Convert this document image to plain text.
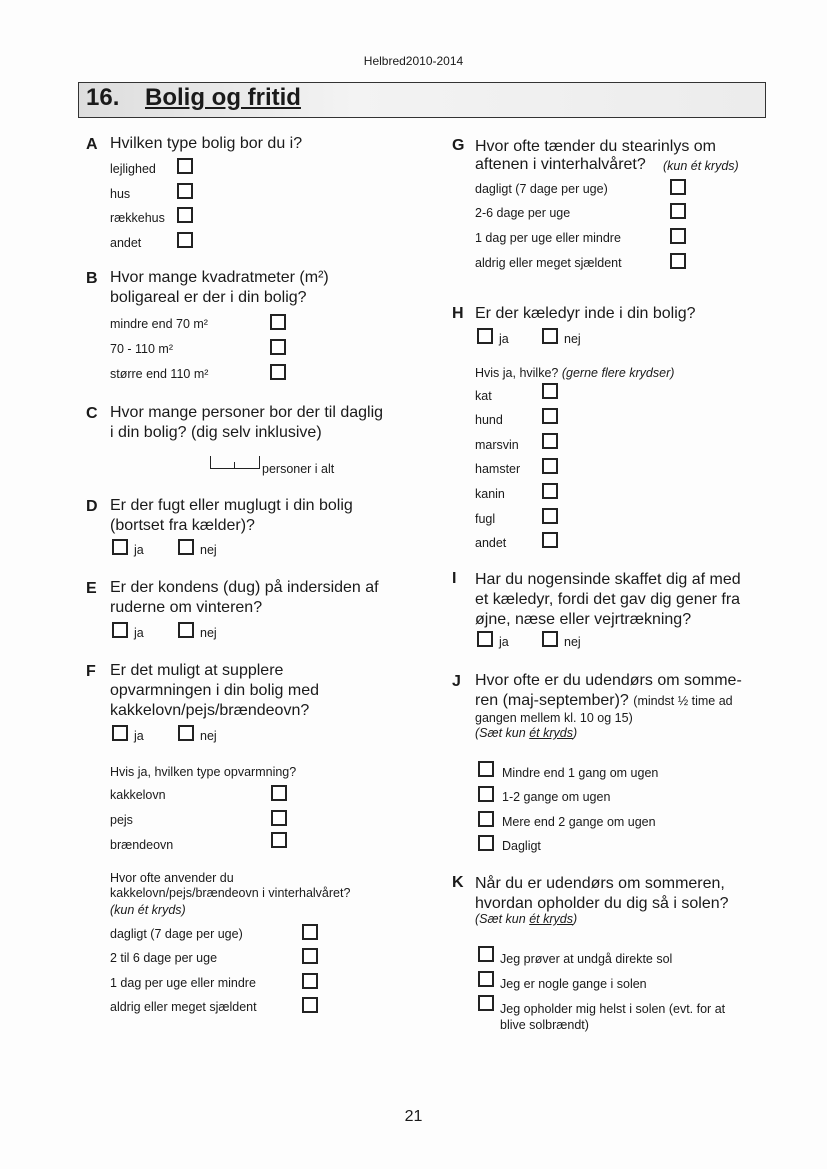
Helbred2010-2014
16. Bolig og fritid
A Hvilken type bolig bor du i?
lejlighed
hus
rækkehus
andet
B Hvor mange kvadratmeter (m²)
boligareal er der i din bolig?
mindre end 70 m²
70 - 110 m²
større end 110 m²
C Hvor mange personer bor der til daglig
i din bolig? (dig selv inklusive)
personer i alt
D Er der fugt eller muglugt i din bolig
(bortset fra kælder)?
ja	nej
E Er der kondens (dug) på indersiden af
ruderne om vinteren?
ja	nej
F Er det muligt at supplere
opvarmningen i din bolig med
kakkelovn/pejs/brændeovn?
ja	nej
Hvis ja, hvilken type opvarmning?
kakkelovn
pejs
brændeovn
Hvor ofte anvender du
kakkelovn/pejs/brændeovn i vinterhalvåret?
(kun ét kryds)
dagligt (7 dage per uge)
2 til 6 dage per uge
1 dag per uge eller mindre
aldrig eller meget sjældent
G Hvor ofte tænder du stearinlys om
aftenen i vinterhalvåret? (kun ét kryds)
dagligt (7 dage per uge)
2-6 dage per uge
1 dag per uge eller mindre
aldrig eller meget sjældent
H Er der kæledyr inde i din bolig?
ja	nej
Hvis ja, hvilke? (gerne flere krydser)
kat
hund
marsvin
hamster
kanin
fugl
andet
I Har du nogensinde skaffet dig af med
et kæledyr, fordi det gav dig gener fra
øjne, næse eller vejrtrækning?
ja	nej
J Hvor ofte er du udendørs om somme-
ren (maj-september)? (mindst ½ time ad
gangen mellem kl. 10 og 15)
(Sæt kun ét kryds)
Mindre end 1 gang om ugen
1-2 gange om ugen
Mere end 2 gange om ugen
Dagligt
K Når du er udendørs om sommeren,
hvordan opholder du dig så i solen?
(Sæt kun ét kryds)
Jeg prøver at undgå direkte sol
Jeg er nogle gange i solen
Jeg opholder mig helst i solen (evt. for at
blive solbrændt)
21
